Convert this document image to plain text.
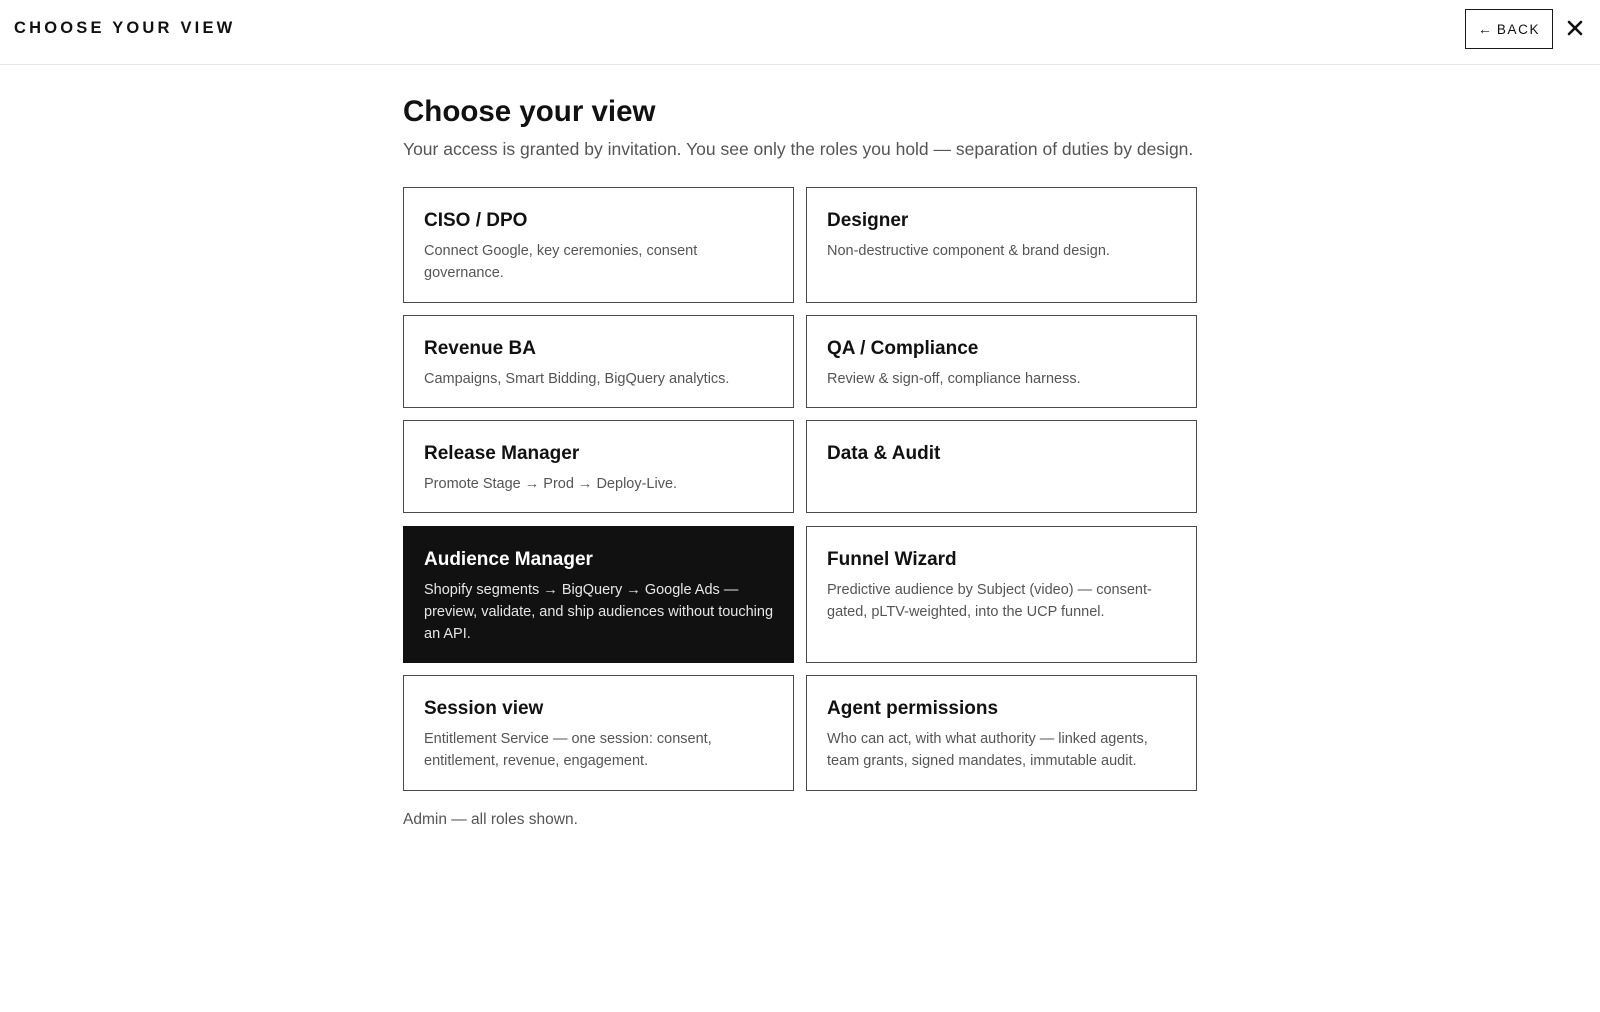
CHOOSE YOUR VIEW	← BACK
Choose your view

Your access is granted by invitation. You see only the roles you hold — separation of duties by design.

CISO / DPO
Connect Google, key ceremonies, consent governance.
Designer
Non-destructive component & brand design.
Revenue BA
Campaigns, Smart Bidding, BigQuery analytics.
QA / Compliance
Review & sign-off, compliance harness.
Release Manager
Promote Stage → Prod → Deploy-Live.
Data & Audit
Audience Manager
Shopify segments → BigQuery → Google Ads — preview, validate, and ship audiences without touching an API.
Funnel Wizard
Predictive audience by Subject (video) — consent-gated, pLTV-weighted, into the UCP funnel.
Session view
Entitlement Service — one session: consent, entitlement, revenue, engagement.
Agent permissions
Who can act, with what authority — linked agents, team grants, signed mandates, immutable audit.

Admin — all roles shown.
